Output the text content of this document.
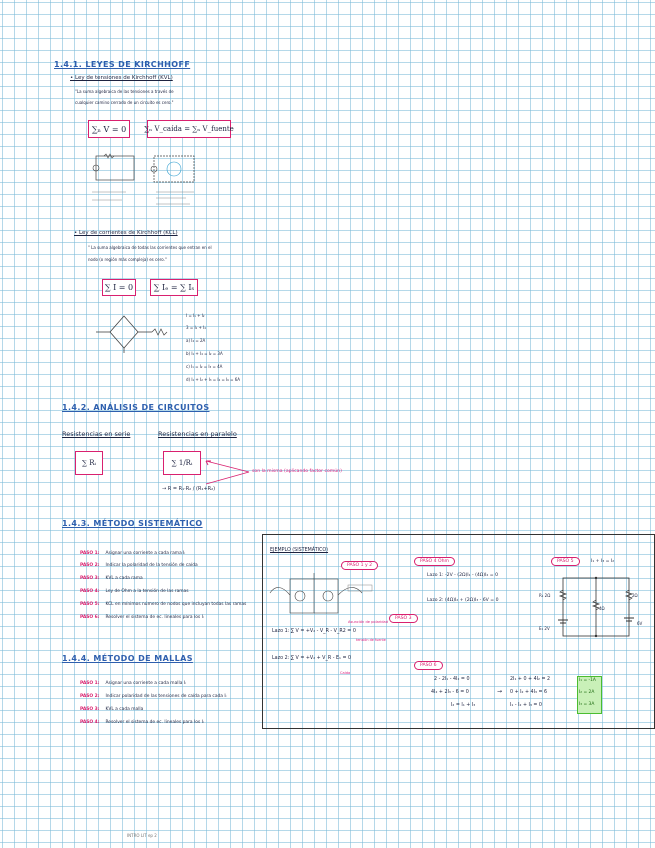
1.4.1. LEYES DE KIRCHHOFF
• Ley de tensiones de Kirchhoff (KVL)
"La suma algebraica de las tensiones a través de
cualquier camino cerrado de un circuito es cero."
∑ₙ V = 0	∑ₙ V_caída = ∑ₙ V_fuente
• Ley de corrientes de Kirchhoff (KCL)
" La suma algebraica de todas las corrientes que entran en el
nodo (o región más compleja) es cero."
∑ I = 0	∑ Iₑ = ∑ Iₛ
I = I₁ + I₂
3 = I₁ + I₄
a) I₄ = 2A
b) I₁ + I₄ = I₂ = 3A
c) I₁ = I₂ = I₃ = 4A
d) I₁ + I₂ + I₃ = I₄ = I₆ = 6A
1.4.2. ANÁLISIS DE CIRCUITOS
Resistencias en serie	Resistencias en paralelo
∑ Rᵢ	∑ 1/Rᵢ
son la misma (aplicando factor común)
→ R = R₁·R₂ / (R₁+R₂)
1.4.3. MÉTODO SISTEMÁTICO
PASO 1: Asignar una corriente a cada rama Iᵢ
PASO 2: Indicar la polaridad de la tensión de caída
PASO 3: KVL a cada rama
PASO 4: Ley de Ohm a la tensión de las ramas
PASO 5: KCL en mínimos número de nodos que incluyan todas las ramas
PASO 6: Resolver el sistema de ec. lineales para los Iᵢ
1.4.4. MÉTODO DE MALLAS
PASO 1: Asignar una corriente a cada malla Iᵢ
PASO 2: Indicar polaridad de las tensiones de caída para cada Iᵢ
PASO 3: KVL a cada malla
PASO 4: Resolver el sistema de ec. lineales para los Iᵢ
EJEMPLO (SISTEMÁTICO)
PASO 1 y 2
PASO 4 Ohm	PASO 5	I₁ + I₃ = I₂
Lazo 1: ∑ V = +V₂ - V_R - V_R2 = 0
Asunción de polaridad
tensión de fuente
PASO 3
Lazo 2: ∑ V = +V₂ + V_R - E₁ = 0
Caída
Lazo 1: -2V - (2Ω)I₁ - (4Ω)I₂ = 0
Lazo 2: (4Ω)I₂ + (2Ω)I₃ - 6V = 0
R₁ 2Ω
4Ω
2Ω
E₁ 2V
6V
PASO 6
2 - 2I₁ - 4I₂ = 0
4I₂ + 2I₃ - 6 = 0
I₂ = I₁ + I₃
→
2I₁ + 0 + 4I₂ = 2
0 + I₂ + 4I₃ = 6
I₁ - I₂ + I₃ = 0
I₁ = -1A
I₂ = 2A
I₃ = 3A
INTRO LIT ep 2
